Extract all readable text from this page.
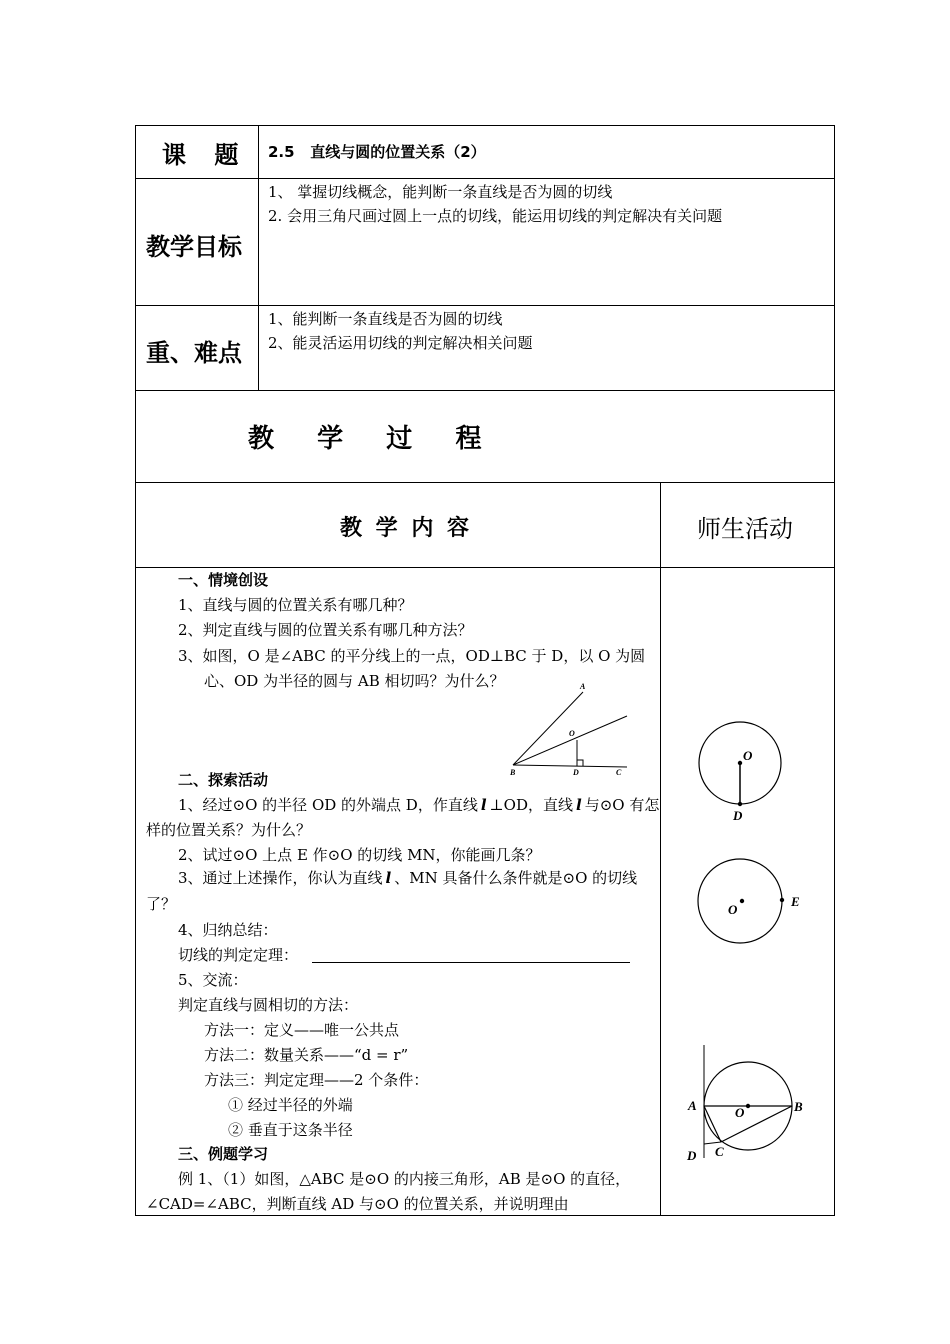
课 题 2.5   直线与圆的位置关系（2）
教学目标
1、 掌握切线概念，能判断一条直线是否为圆的切线
2. 会用三角尺画过圆上一点的切线，能运用切线的判定解决有关问题
重、难点
1、能判断一条直线是否为圆的切线
2、能灵活运用切线的判定解决相关问题
教   学   过   程
教 学 内 容	师生活动
一、情境创设
1、直线与圆的位置关系有哪几种？
2、判定直线与圆的位置关系有哪几种方法？
3、如图，O 是∠ABC 的平分线上的一点，OD⊥BC 于 D，以 O 为圆
心、OD 为半径的圆与 AB 相切吗？为什么？	A
O
B	D	C
二、探索活动
1、经过⊙O 的半径 OD 的外端点 D，作直线 l ⊥OD，直线 l 与⊙O 有怎
样的位置关系？为什么？
2、试过⊙O 上点 E 作⊙O 的切线 MN，你能画几条？
3、通过上述操作，你认为直线 l 、MN 具备什么条件就是⊙O 的切线
了？
4、归纳总结：
切线的判定定理：
5、交流：
判定直线与圆相切的方法：
方法一：定义——唯一公共点
方法二：数量关系——“d = r”
方法三：判定定理——2 个条件：
① 经过半径的外端
② 垂直于这条半径
三、例题学习
例 1、（1）如图，△ABC 是⊙O 的内接三角形，AB 是⊙O 的直径，
∠CAD=∠ABC，判断直线 AD 与⊙O 的位置关系，并说明理由
O
D
O
E
A	O	B
D C
